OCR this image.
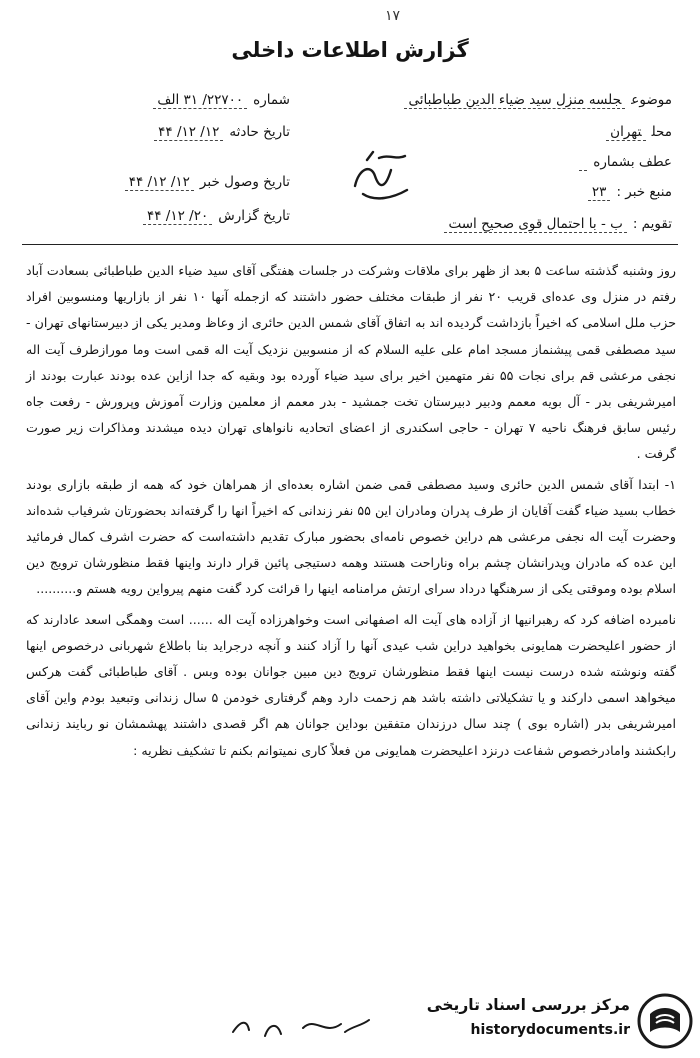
۱۷
گزارش اطلاعات داخلی
موضوعجلسه منزل سید ضیاء الدین طباطبائی
محلتهران
عطف بشماره
منبع خبر :۲۳
تقویم :ب - با احتمال قوی صحیح است
شماره۲۲۷۰۰/ ۳۱ الف
تاریخ حادثه۱۲/ ۱۲/ ۴۴
تاریخ وصول خبر۱۲/ ۱۲/ ۴۴
تاریخ گزارش۲۰/ ۱۲/ ۴۴

روز وشنبه گذشته ساعت ۵ بعد از ظهر برای ملاقات وشرکت در جلسات هفتگی آقای سید ضیاء الدین طباطبائی بسعادت آباد رفتم در منزل وی عده‌ای قریب ۲۰ نفر از طبقات مختلف حضور داشتند که ازجمله آنها ۱۰ نفر از بازاریها ومنسوبین افراد حزب ملل اسلامی که اخیراً بازداشت گردیده اند به اتفاق آقای شمس الدین حائری از وعاظ ومدیر یکی از دبیرستانهای تهران - سید مصطفی قمی پیشنماز مسجد امام علی علیه السلام که از منسوبین نزدیک آیت اله قمی است وما مورازطرف آیت اله نجفی مرعشی قم برای نجات ۵۵ نفر متهمین اخیر برای سید ضیاء آورده بود وبقیه که جدا ازاین عده بودند عبارت بودند از امیرشریفی بدر - آل بویه معمم ودبیر دبیرستان تخت جمشید - بدر معمم از معلمین وزارت آموزش وپرورش - رفعت جاه رئیس سابق فرهنگ ناحیه ۷ تهران - حاجی اسکندری از اعضای اتحادیه نانواهای تهران دیده میشدند ومذاکرات زیر صورت گرفت .

۱- ابتدا آقای شمس الدین حائری وسید مصطفی قمی ضمن اشاره بعده‌ای از همراهان خود که همه از طبقه بازاری بودند خطاب بسید ضیاء گفت آقایان از طرف پدران ومادران این ۵۵ نفر زندانی که اخیراً انها را گرفته‌اند بحضورتان شرفیاب شده‌اند وحضرت آیت اله نجفی مرعشی هم دراین خصوص نامه‌ای بحضور مبارک تقدیم داشته‌است که حضرت اشرف کمال فرمائید این عده که مادران وپدرانشان چشم براه وناراحت هستند وهمه دستیجی پائین قرار دارند واینها فقط منظورشان ترویج دین اسلام بوده وموقتی یکی از سرهنگها درداد سرای ارتش مرامنامه اینها را قرائت کرد گفت منهم پیرواین رویه هستم و..........

نامبرده اضافه کرد که رهبرانیها از آزاده های آیت اله اصفهانی است وخواهرزاده آیت اله ...... است وهمگی اسعد عادارند که از حضور اعلیحضرت همایونی بخواهید دراین شب عیدی آنها را آزاد کنند و آنچه درجراید بنا باطلاع شهربانی درخصوص اینها گفته ونوشته شده درست نیست اینها فقط منظورشان ترویج دین مبین جوانان بوده وبس . آقای طباطبائی گفت هرکس میخواهد اسمی دارکند و یا تشکیلاتی داشته باشد هم زحمت دارد وهم گرفتاری خودمن ۵ سال زندانی وتبعید بودم واین آقای امیرشریفی بدر (اشاره بوی ) چند سال درزندان متفقین بوداین جوانان هم اگر قصدی داشتند پهشمشان نو ربایند زندانی رابکشند وامادرخصوص شفاعت درنزد اعلیحضرت همایونی من فعلاً کاری نمیتوانم بکنم تا تشکیف نظریه :

مرکز بررسی اسناد تاریخی
historydocuments.ir
